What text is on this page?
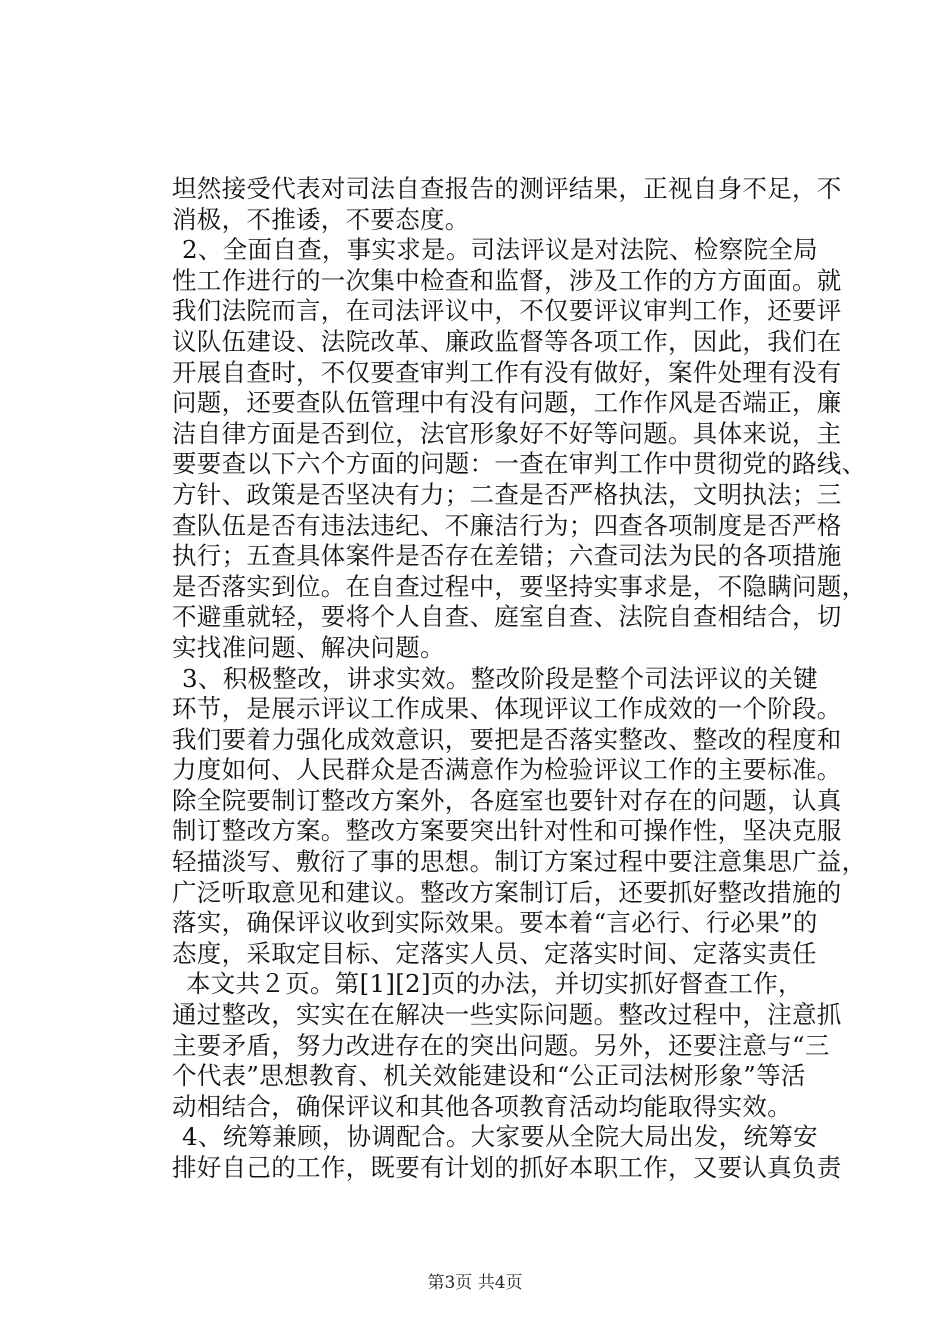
坦然接受代表对司法自查报告的测评结果，正视自身不足，不
消极，不推诿，不要态度。
2、全面自查，事实求是。司法评议是对法院、检察院全局
性工作进行的一次集中检查和监督，涉及工作的方方面面。就
我们法院而言，在司法评议中，不仅要评议审判工作，还要评
议队伍建设、法院改革、廉政监督等各项工作，因此，我们在
开展自查时，不仅要查审判工作有没有做好，案件处理有没有
问题，还要查队伍管理中有没有问题，工作作风是否端正，廉
洁自律方面是否到位，法官形象好不好等问题。具体来说，主
要要查以下六个方面的问题：一查在审判工作中贯彻党的路线、
方针、政策是否坚决有力；二查是否严格执法，文明执法；三
查队伍是否有违法违纪、不廉洁行为；四查各项制度是否严格
执行；五查具体案件是否存在差错；六查司法为民的各项措施
是否落实到位。在自查过程中，要坚持实事求是，不隐瞒问题，
不避重就轻，要将个人自查、庭室自查、法院自查相结合，切
实找准问题、解决问题。
3、积极整改，讲求实效。整改阶段是整个司法评议的关键
环节，是展示评议工作成果、体现评议工作成效的一个阶段。
我们要着力强化成效意识，要把是否落实整改、整改的程度和
力度如何、人民群众是否满意作为检验评议工作的主要标准。
除全院要制订整改方案外，各庭室也要针对存在的问题，认真
制订整改方案。整改方案要突出针对性和可操作性，坚决克服
轻描淡写、敷衍了事的思想。制订方案过程中要注意集思广益，
广泛听取意见和建议。整改方案制订后，还要抓好整改措施的
落实，确保评议收到实际效果。要本着“言必行、行必果”的
态度，采取定目标、定落实人员、定落实时间、定落实责任
本文共２页。第[1][2]页的办法，并切实抓好督查工作，
通过整改，实实在在解决一些实际问题。整改过程中，注意抓
主要矛盾，努力改进存在的突出问题。另外，还要注意与“三
个代表”思想教育、机关效能建设和“公正司法树形象”等活
动相结合，确保评议和其他各项教育活动均能取得实效。
4、统筹兼顾，协调配合。大家要从全院大局出发，统筹安
排好自己的工作，既要有计划的抓好本职工作，又要认真负责
第3页 共4页
